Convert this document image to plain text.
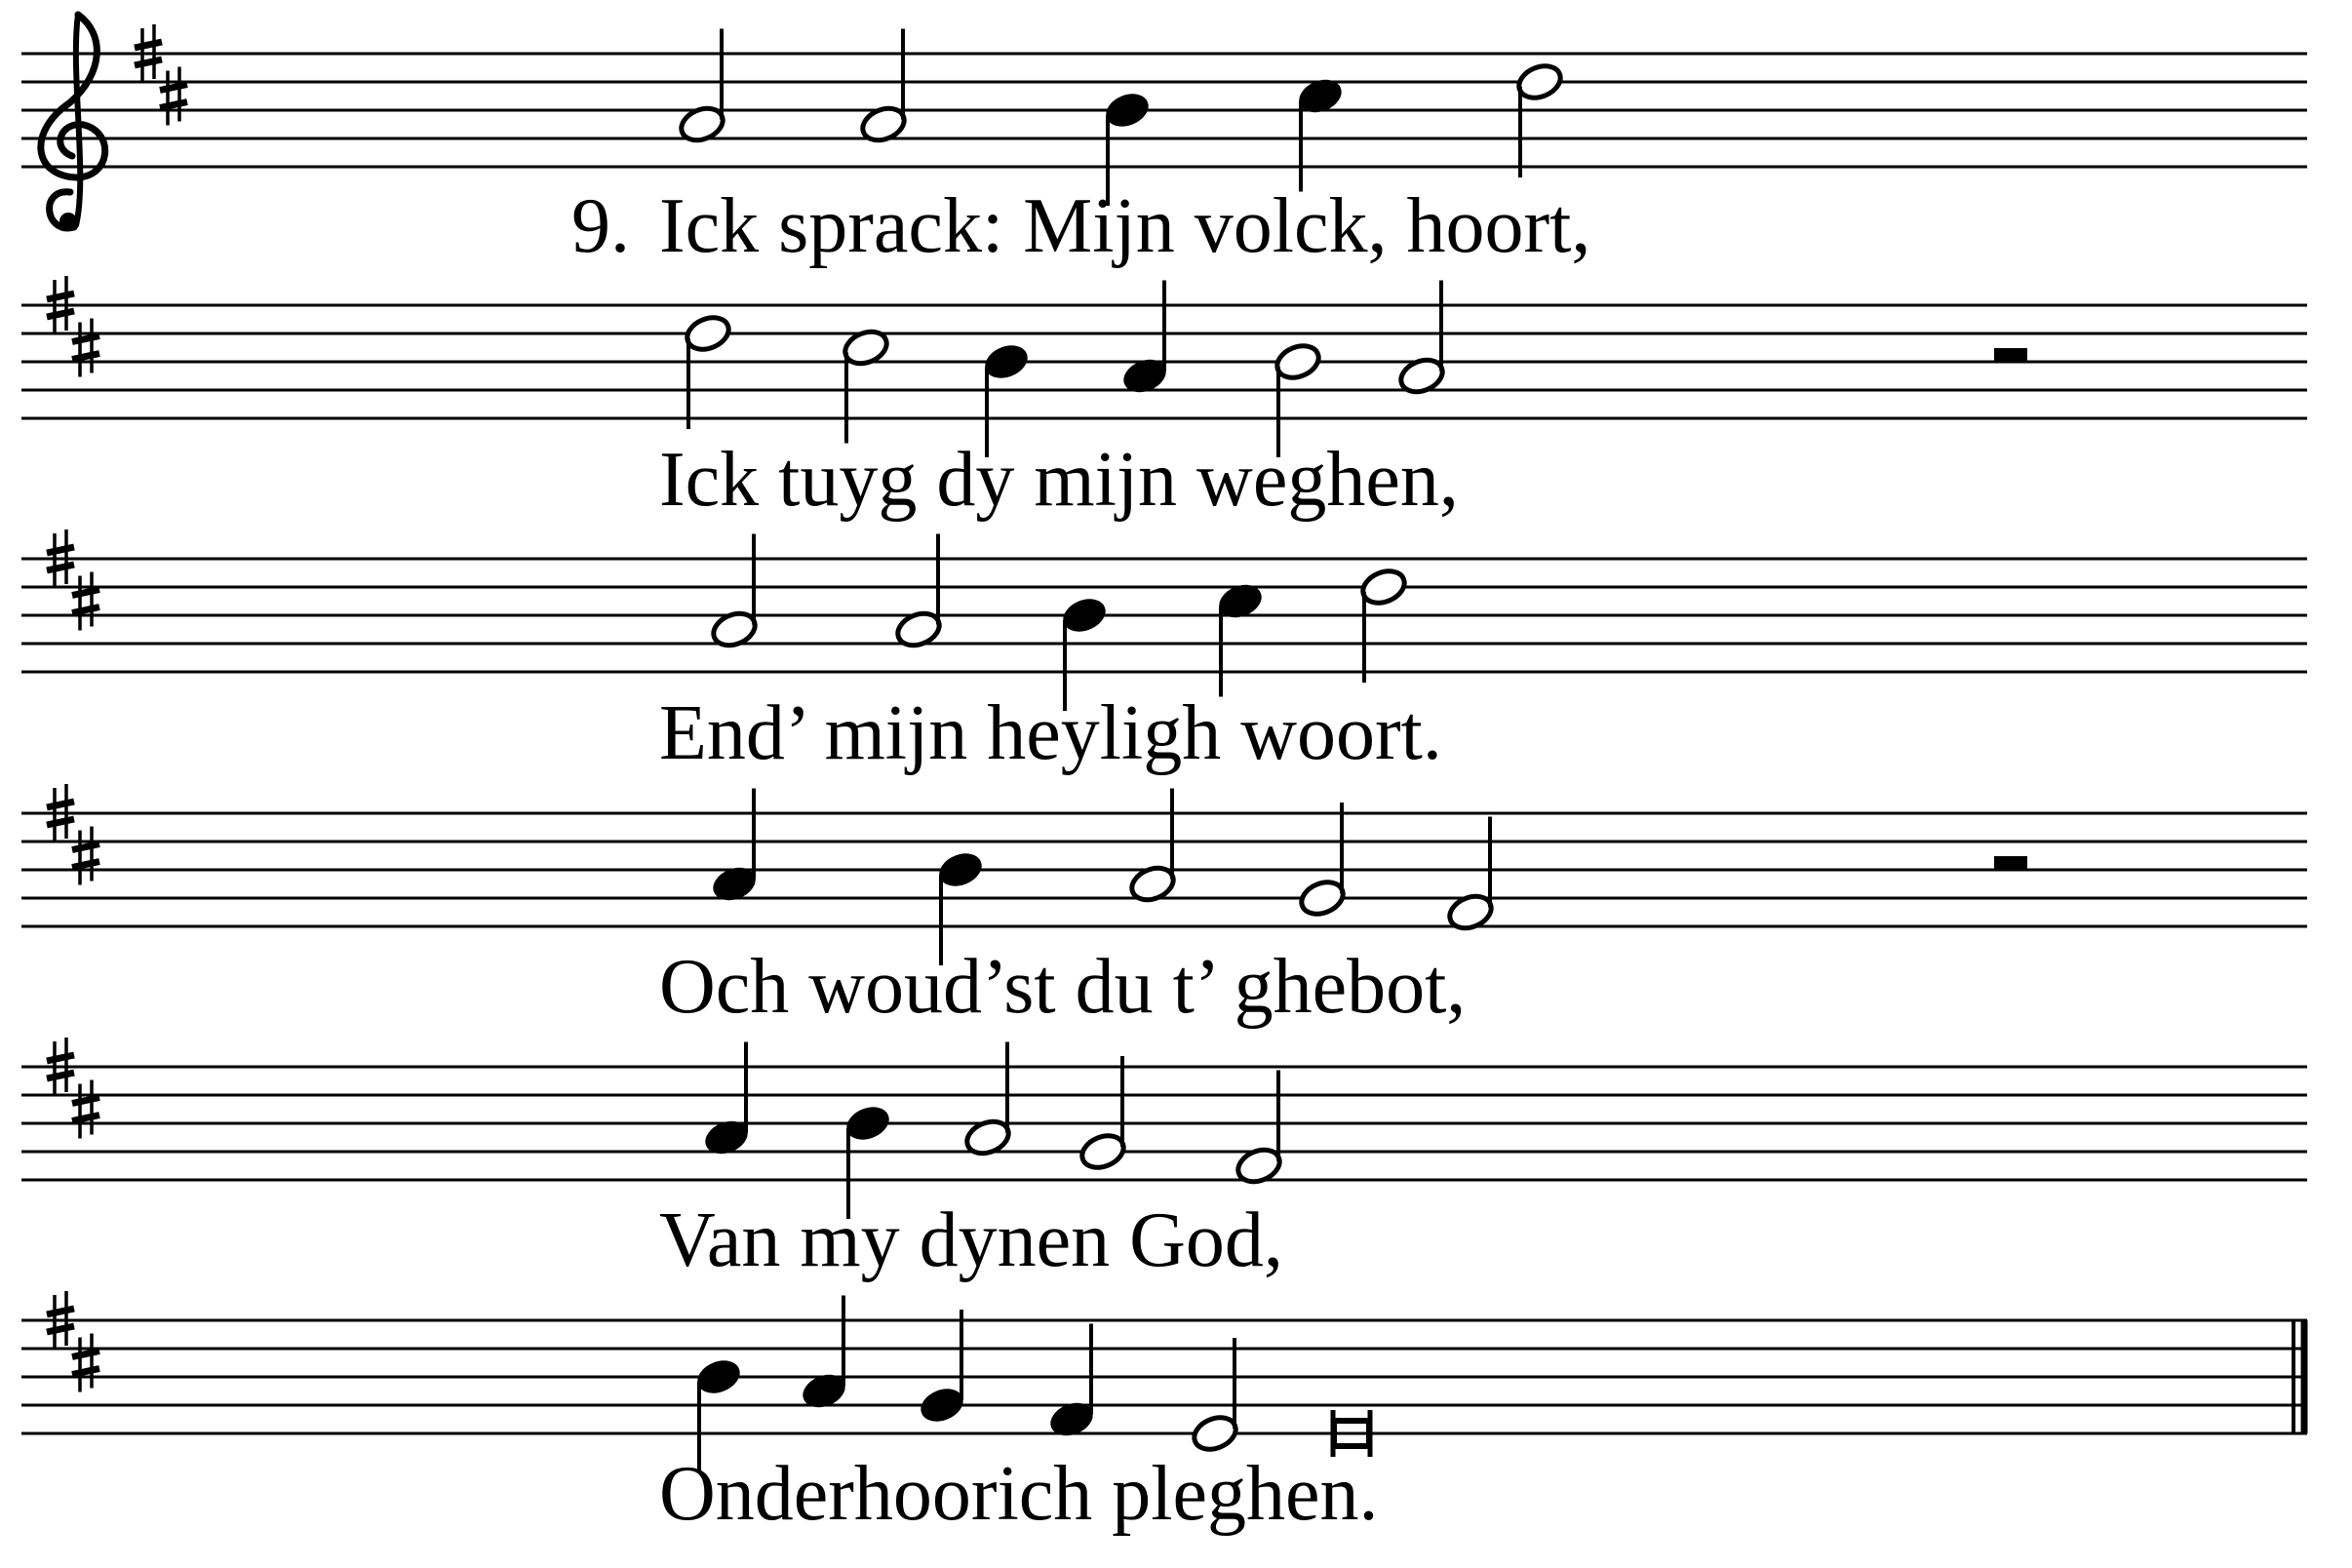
9. Ick sprack: Mijn volck, hoort,
Ick tuyg dy mijn weghen,
End’ mijn heyligh woort.
Och woud’st du t’ ghebot,
Van my dynen God,
Onderhoorich pleghen.
